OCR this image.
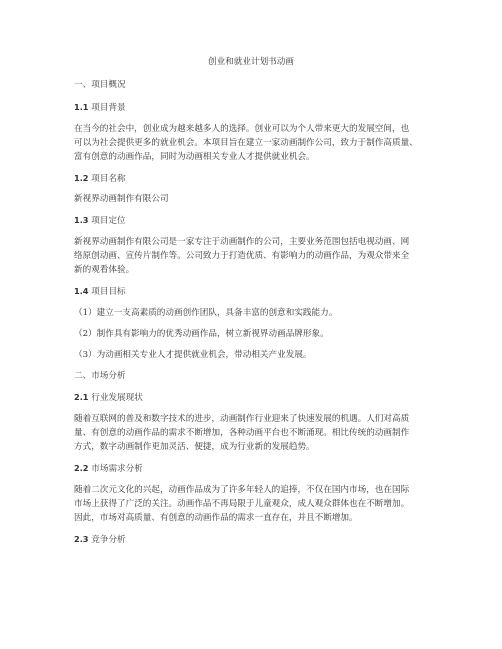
创业和就业计划书动画
一、项目概况
1.1 项目背景
在当今的社会中，创业成为越来越多人的选择。创业可以为个人带来更大的发展空间，也
可以为社会提供更多的就业机会。本项目旨在建立一家动画制作公司，致力于制作高质量、
富有创意的动画作品，同时为动画相关专业人才提供就业机会。
1.2 项目名称
新视界动画制作有限公司
1.3 项目定位
新视界动画制作有限公司是一家专注于动画制作的公司，主要业务范围包括电视动画、网
络原创动画、宣传片制作等。公司致力于打造优质、有影响力的动画作品，为观众带来全
新的观看体验。
1.4 项目目标
（1）建立一支高素质的动画创作团队，具备丰富的创意和实践能力。
（2）制作具有影响力的优秀动画作品，树立新视界动画品牌形象。
（3）为动画相关专业人才提供就业机会，带动相关产业发展。
二、市场分析
2.1 行业发展现状
随着互联网的普及和数字技术的进步，动画制作行业迎来了快速发展的机遇。人们对高质
量、有创意的动画作品的需求不断增加，各种动画平台也不断涌现。相比传统的动画制作
方式，数字动画制作更加灵活、便捷，成为行业新的发展趋势。
2.2 市场需求分析
随着二次元文化的兴起，动画作品成为了许多年轻人的追捧，不仅在国内市场，也在国际
市场上获得了广泛的关注。动画作品不再局限于儿童观众，成人观众群体也在不断增加。
因此，市场对高质量、有创意的动画作品的需求一直存在，并且不断增加。
2.3 竞争分析
